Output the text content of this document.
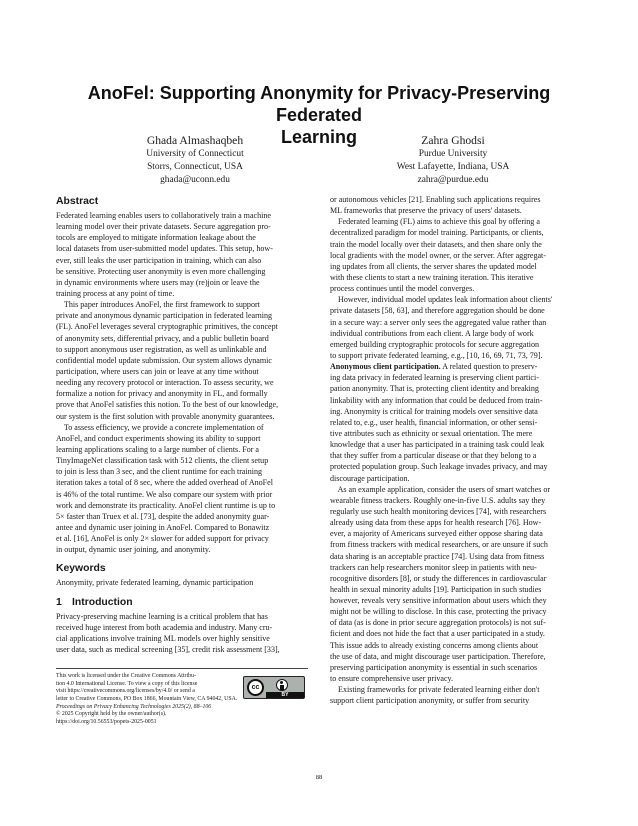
AnoFel: Supporting Anonymity for Privacy-Preserving Federated
Learning
Ghada Almashaqbeh
University of Connecticut
Storrs, Connecticut, USA
ghada@uconn.edu
Zahra Ghodsi
Purdue University
West Lafayette, Indiana, USA
zahra@purdue.edu
Abstract
Federated learning enables users to collaboratively train a machine
learning model over their private datasets. Secure aggregation pro-
tocols are employed to mitigate information leakage about the
local datasets from user-submitted model updates. This setup, how-
ever, still leaks the user participation in training, which can also
be sensitive. Protecting user anonymity is even more challenging
in dynamic environments where users may (re)join or leave the
training process at any point of time.
This paper introduces AnoFel, the first framework to support
private and anonymous dynamic participation in federated learning
(FL). AnoFel leverages several cryptographic primitives, the concept
of anonymity sets, differential privacy, and a public bulletin board
to support anonymous user registration, as well as unlinkable and
confidential model update submission. Our system allows dynamic
participation, where users can join or leave at any time without
needing any recovery protocol or interaction. To assess security, we
formalize a notion for privacy and anonymity in FL, and formally
prove that AnoFel satisfies this notion. To the best of our knowledge,
our system is the first solution with provable anonymity guarantees.
To assess efficiency, we provide a concrete implementation of
AnoFel, and conduct experiments showing its ability to support
learning applications scaling to a large number of clients. For a
TinyImageNet classification task with 512 clients, the client setup
to join is less than 3 sec, and the client runtime for each training
iteration takes a total of 8 sec, where the added overhead of AnoFel
is 46% of the total runtime. We also compare our system with prior
work and demonstrate its practicality. AnoFel client runtime is up to
5× faster than Truex et al. [73], despite the added anonymity guar-
antee and dynamic user joining in AnoFel. Compared to Bonawitz
et al. [16], AnoFel is only 2× slower for added support for privacy
in output, dynamic user joining, and anonymity.
Keywords
Anonymity, private federated learning, dynamic participation
1 Introduction
Privacy-preserving machine learning is a critical problem that has
received huge interest from both academia and industry. Many cru-
cial applications involve training ML models over highly sensitive
user data, such as medical screening [35], credit risk assessment [33],
or autonomous vehicles [21]. Enabling such applications requires
ML frameworks that preserve the privacy of users' datasets.
Federated learning (FL) aims to achieve this goal by offering a
decentralized paradigm for model training. Participants, or clients,
train the model locally over their datasets, and then share only the
local gradients with the model owner, or the server. After aggregat-
ing updates from all clients, the server shares the updated model
with these clients to start a new training iteration. This iterative
process continues until the model converges.
However, individual model updates leak information about clients'
private datasets [58, 63], and therefore aggregation should be done
in a secure way: a server only sees the aggregated value rather than
individual contributions from each client. A large body of work
emerged building cryptographic protocols for secure aggregation
to support private federated learning, e.g., [10, 16, 69, 71, 73, 79].
Anonymous client participation. A related question to preserv-
ing data privacy in federated learning is preserving client partici-
pation anonymity. That is, protecting client identity and breaking
linkability with any information that could be deduced from train-
ing. Anonymity is critical for training models over sensitive data
related to, e.g., user health, financial information, or other sensi-
tive attributes such as ethnicity or sexual orientation. The mere
knowledge that a user has participated in a training task could leak
that they suffer from a particular disease or that they belong to a
protected population group. Such leakage invades privacy, and may
discourage participation.
As an example application, consider the users of smart watches or
wearable fitness trackers. Roughly one-in-five U.S. adults say they
regularly use such health monitoring devices [74], with researchers
already using data from these apps for health research [76]. How-
ever, a majority of Americans surveyed either oppose sharing data
from fitness trackers with medical researchers, or are unsure if such
data sharing is an acceptable practice [74]. Using data from fitness
trackers can help researchers monitor sleep in patients with neu-
rocognitive disorders [8], or study the differences in cardiovascular
health in sexual minority adults [19]. Participation in such studies
however, reveals very sensitive information about users which they
might not be willing to disclose. In this case, protecting the privacy
of data (as is done in prior secure aggregation protocols) is not suf-
ficient and does not hide the fact that a user participated in a study.
This issue adds to already existing concerns among clients about
the use of data, and might discourage user participation. Therefore,
preserving participation anonymity is essential in such scenarios
to ensure comprehensive user privacy.
Existing frameworks for private federated learning either don't
support client participation anonymity, or suffer from security
cc
BY
This work is licensed under the Creative Commons Attribu-
tion 4.0 International License. To view a copy of this license
visit https://creativecommons.org/licenses/by/4.0/ or send a
letter to Creative Commons, PO Box 1866, Mountain View, CA 94042, USA.
Proceedings on Privacy Enhancing Technologies 2025(2), 88–106
© 2025 Copyright held by the owner/author(s).
https://doi.org/10.56553/popets-2025-0051
88
